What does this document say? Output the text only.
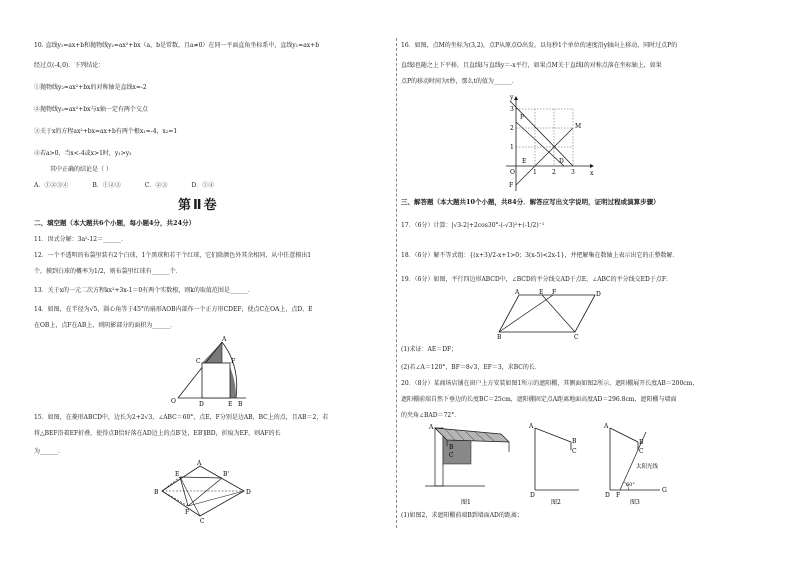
10. 直线y₁=ax+b和抛物线y₂=ax²+bx（a，b是常数，且a≠0）在同一平面直角坐标系中，直线y₁=ax+b
经过点(-4,0)．下列结论：
①抛物线y₂=ax²+bx的对称轴是直线x=-2
②抛物线y₂=ax²+bx与x轴一定有两个交点
③关于x的方程ax²+bx=ax+b有两个根x₁=-4，x₂=1
④若a>0，当x<-4或x>1时，y₁>y₂
其中正确的结论是（ ）
A．①②③④　　　　B．①②③　　　　C．②③　　　　D．①④
第Ⅱ卷
二、填空题（本大题共6个小题，每小题4分，共24分）
11．因式分解：3a²-12＝______．
12．一个不透明的布袋里装有2个白球，1个黑球和若干个红球，它们除颜色外其余相同，从中任意摸出1
个，摸到白球的概率为1/2，则布袋里红球有______个．
13．关于x的一元二次方程kx²+3x-1＝0有两个实数根，则k的取值范围是______．
14．如图，在半径为√5，圆心角等于45°的扇形AOB内部作一个正方形CDEF，使点C在OA上，点D、E
在OB上，点F在AB上，则阴影部分的面积为______．
A
C	F
O	D	E B
15．如图，在菱形ABCD中，边长为2+2√3，∠ABC＝60°，点E，F分别是边AB，BC上的点，且AB＝2，若
将△BEF沿着EF折叠，使得点B恰好落在AD边上的点B′处，EB′∥BD，折痕为EF，则AF的长
为______．
A
B'
E
B	D
F
C
16．如图，点M的坐标为(3,2)，点P从原点O出发，以每秒1个单位的速度沿y轴向上移动，同时过点P的
直线l也随之上下平移，且直线l与直线y＝-x平行，如果点M关于直线l的对称点落在坐标轴上，如果
点P的移动时间为t秒，那么t的值为______．
y
x
O
P
M
E	D
F
3
2
1
1	2	3
三、解答题（本大题共10个小题，共84分．解答应写出文字说明，证明过程或演算步骤）
17．（6分）计算：|√3-2|+2cos30°-(-√3)²+(-1/2)⁻¹
18．（6分）解不等式组：{(x+3)/2-x+1>0；3(x-5)<2x-1}，并把解集在数轴上表示出它的正整数解．
19．（6分）如图，平行四边形ABCD中，∠BCD的平分线交AD于点E，∠ABC的平分线交ED于点F．
A	E F	D
B	C
(1)求证：AE＝DF；
(2)若∠A＝120°，BF＝8√3，EF＝3，求BC的长．
20．（8分）某商场店铺在窗户上方安装如图1所示的遮阳棚，其侧面如图2所示，遮阳棚展开长度AB＝200cm，
遮阳棚前端自然下垂边的长度BC＝25cm，遮阳棚固定点A距离地面高度AD＝296.8cm，遮阳棚与墙面
的夹角∠BAD＝72°．
A
B
C
图1
A
B
C
D
图2
A
B
C
D F
G
太阳光线
60°
图3
(1)如图2，求遮阳棚前端B到墙面AD的距离；
